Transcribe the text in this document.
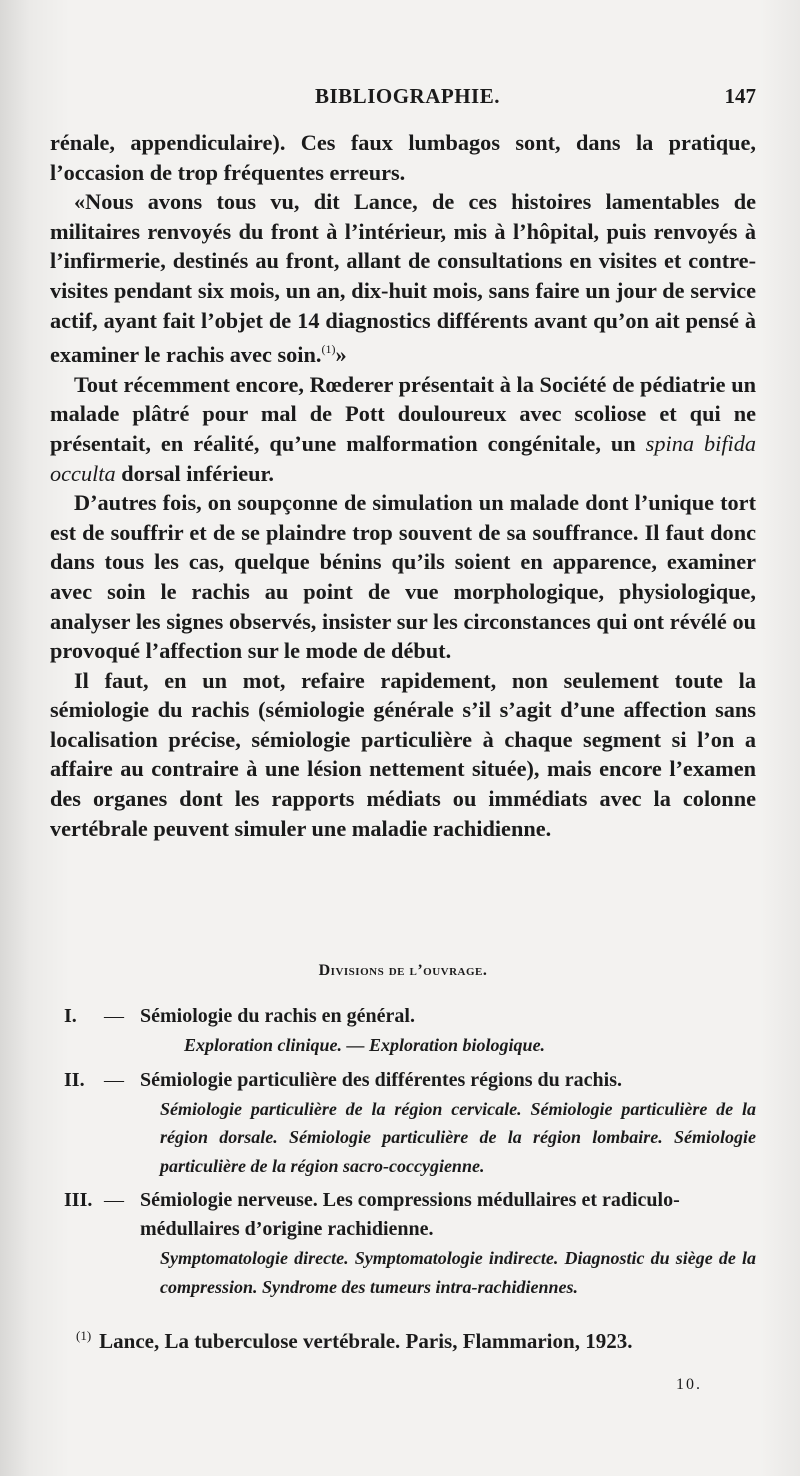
BIBLIOGRAPHIE.	147

rénale, appendiculaire). Ces faux lumbagos sont, dans la pratique, l’occasion de trop fréquentes erreurs.

«Nous avons tous vu, dit Lance, de ces histoires lamentables de militaires renvoyés du front à l’intérieur, mis à l’hôpital, puis renvoyés à l’infirmerie, destinés au front, allant de consultations en visites et contre-visites pendant six mois, un an, dix-huit mois, sans faire un jour de service actif, ayant fait l’objet de 14 diagnostics différents avant qu’on ait pensé à examiner le rachis avec soin.$^{(1)}$»

Tout récemment encore, Rœderer présentait à la Société de pédiatrie un malade plâtré pour mal de Pott douloureux avec scoliose et qui ne présentait, en réalité, qu’une malformation congénitale, un spina bifida occulta dorsal inférieur.

D’autres fois, on soupçonne de simulation un malade dont l’unique tort est de souffrir et de se plaindre trop souvent de sa souffrance. Il faut donc dans tous les cas, quelque bénins qu’ils soient en apparence, examiner avec soin le rachis au point de vue morphologique, physiologique, analyser les signes observés, insister sur les circonstances qui ont révélé ou provoqué l’affection sur le mode de début.

Il faut, en un mot, refaire rapidement, non seulement toute la sémiologie du rachis (sémiologie générale s’il s’agit d’une affection sans localisation précise, sémiologie particulière à chaque segment si l’on a affaire au contraire à une lésion nettement située), mais encore l’examen des organes dont les rapports médiats ou immédiats avec la colonne vertébrale peuvent simuler une maladie rachidienne.

Divisions de l’ouvrage.
I. — Sémiologie du rachis en général.
Exploration clinique. — Exploration biologique.
II. — Sémiologie particulière des différentes régions du rachis.
Sémiologie particulière de la région cervicale. Sémiologie particulière de la région dorsale. Sémiologie particulière de la région lombaire. Sémiologie particulière de la région sacro-coccygienne.
III. — Sémiologie nerveuse. Les compressions médullaires et radiculo-médullaires d’origine rachidienne.
Symptomatologie directe. Symptomatologie indirecte. Diagnostic du siège de la compression. Syndrome des tumeurs intra-rachidiennes.
$^{(1)}$ Lance, La tuberculose vertébrale. Paris, Flammarion, 1923.
10.
